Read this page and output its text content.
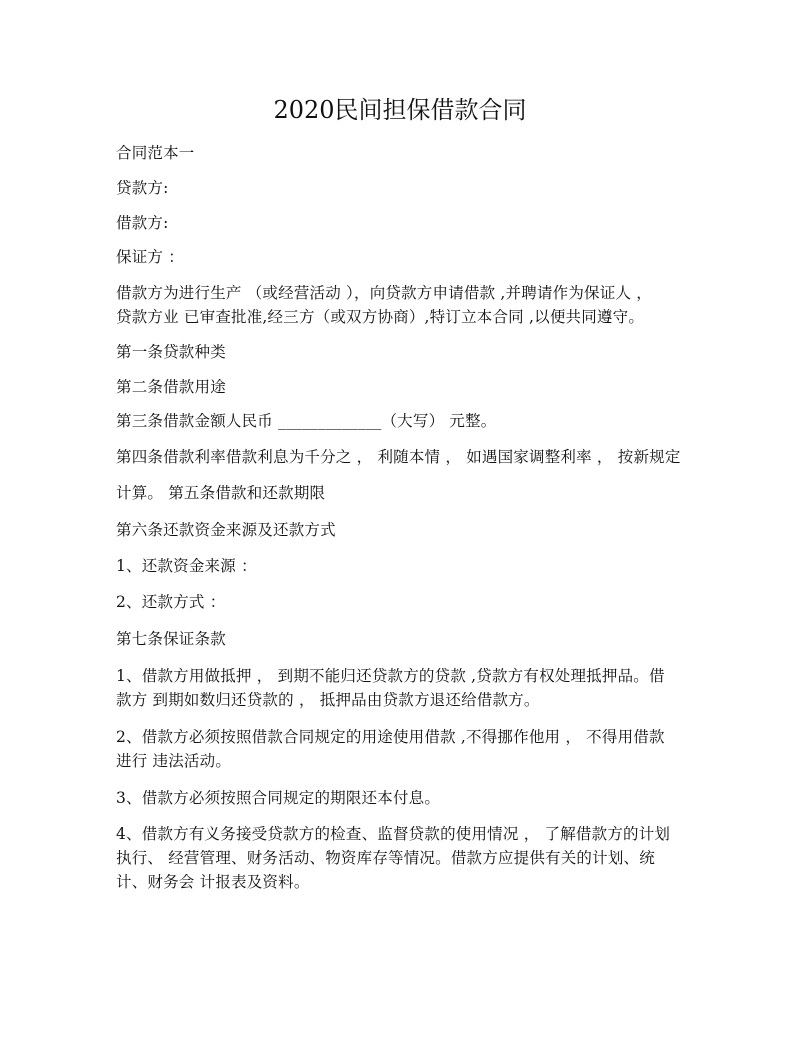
2020民间担保借款合同
合同范本一
贷款方:
借款方:
保证方 ：
借款方为进行生产 （或经营活动 ），向贷款方申请借款 ,并聘请作为保证人 ，
贷款方业 已审查批准,经三方（或双方协商）,特订立本合同 ,以便共同遵守。
第一条贷款种类
第二条借款用途
第三条借款金额人民币 _____________（大写） 元整。
第四条借款利率借款利息为千分之 ， 利随本情 ， 如遇国家调整利率 ， 按新规定
计算。 第五条借款和还款期限
第六条还款资金来源及还款方式
1、还款资金来源 ：
2、还款方式 ：
第七条保证条款
1、借款方用做抵押 ， 到期不能归还贷款方的贷款 ,贷款方有权处理抵押品。借
款方 到期如数归还贷款的 ， 抵押品由贷款方退还给借款方。
2、借款方必须按照借款合同规定的用途使用借款 ,不得挪作他用 ， 不得用借款
进行 违法活动。
3、借款方必须按照合同规定的期限还本付息。
4、借款方有义务接受贷款方的检查、监督贷款的使用情况 ， 了解借款方的计划
执行、 经营管理、财务活动、物资库存等情况。借款方应提供有关的计划、统
计、财务会 计报表及资料。
